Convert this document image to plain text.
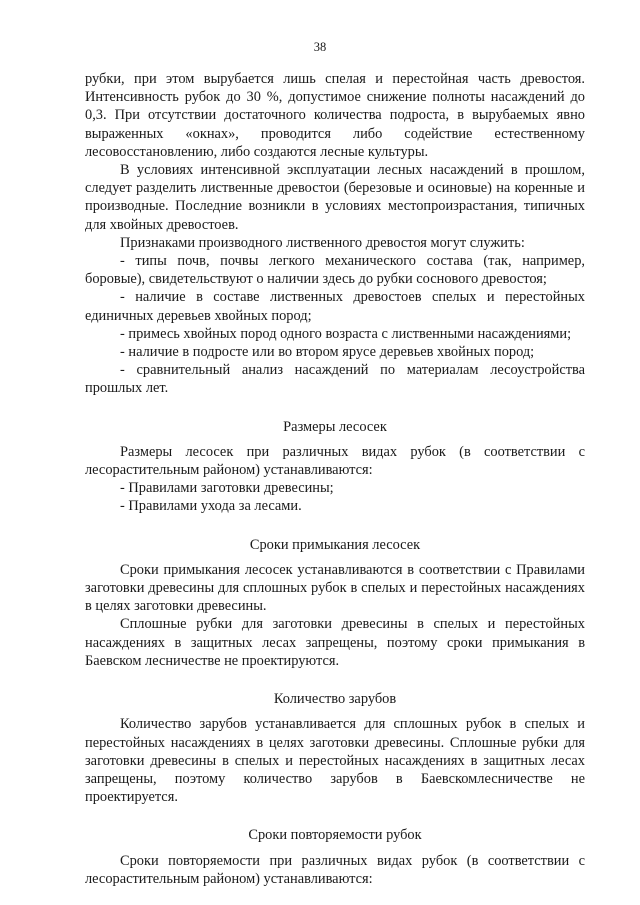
38

рубки, при этом вырубается лишь спелая и перестойная часть древостоя. Интенсивность рубок до 30 %, допустимое снижение полноты насаждений до 0,3. При отсутствии достаточного количества подроста, в вырубаемых явно выраженных «окнах», проводится либо содействие естественному лесовосстановлению, либо создаются лесные культуры.

В условиях интенсивной эксплуатации лесных насаждений в прошлом, следует разделить лиственные древостои (березовые и осиновые) на коренные и производные. Последние возникли в условиях местопроизрастания, типичных для хвойных древостоев.

Признаками производного лиственного древостоя могут служить:

- типы почв, почвы легкого механического состава (так, например, боровые), свидетельствуют о наличии здесь до рубки соснового древостоя;

- наличие в составе лиственных древостоев спелых и перестойных единичных деревьев хвойных пород;

- примесь хвойных пород одного возраста с лиственными насаждениями;

- наличие в подросте или во втором ярусе деревьев хвойных пород;

- сравнительный анализ насаждений по материалам лесоустройства прошлых лет.

Размеры лесосек

Размеры лесосек при различных видах рубок (в соответствии с лесорастительным районом) устанавливаются:

- Правилами заготовки древесины;

- Правилами ухода за лесами.

Сроки примыкания лесосек

Сроки примыкания лесосек устанавливаются в соответствии с Правилами заготовки древесины для сплошных рубок в спелых и перестойных насаждениях в целях заготовки древесины.

Сплошные рубки для заготовки древесины в спелых и перестойных насаждениях в защитных лесах запрещены, поэтому сроки примыкания в Баевском лесничестве не проектируются.

Количество зарубов

Количество зарубов устанавливается для сплошных рубок в спелых и перестойных насаждениях в целях заготовки древесины. Сплошные рубки для заготовки древесины в спелых и перестойных насаждениях в защитных лесах запрещены, поэтому количество зарубов в Баевскомлесничестве не проектируется.

Сроки повторяемости рубок

Сроки повторяемости при различных видах рубок (в соответствии с лесорастительным районом) устанавливаются:
